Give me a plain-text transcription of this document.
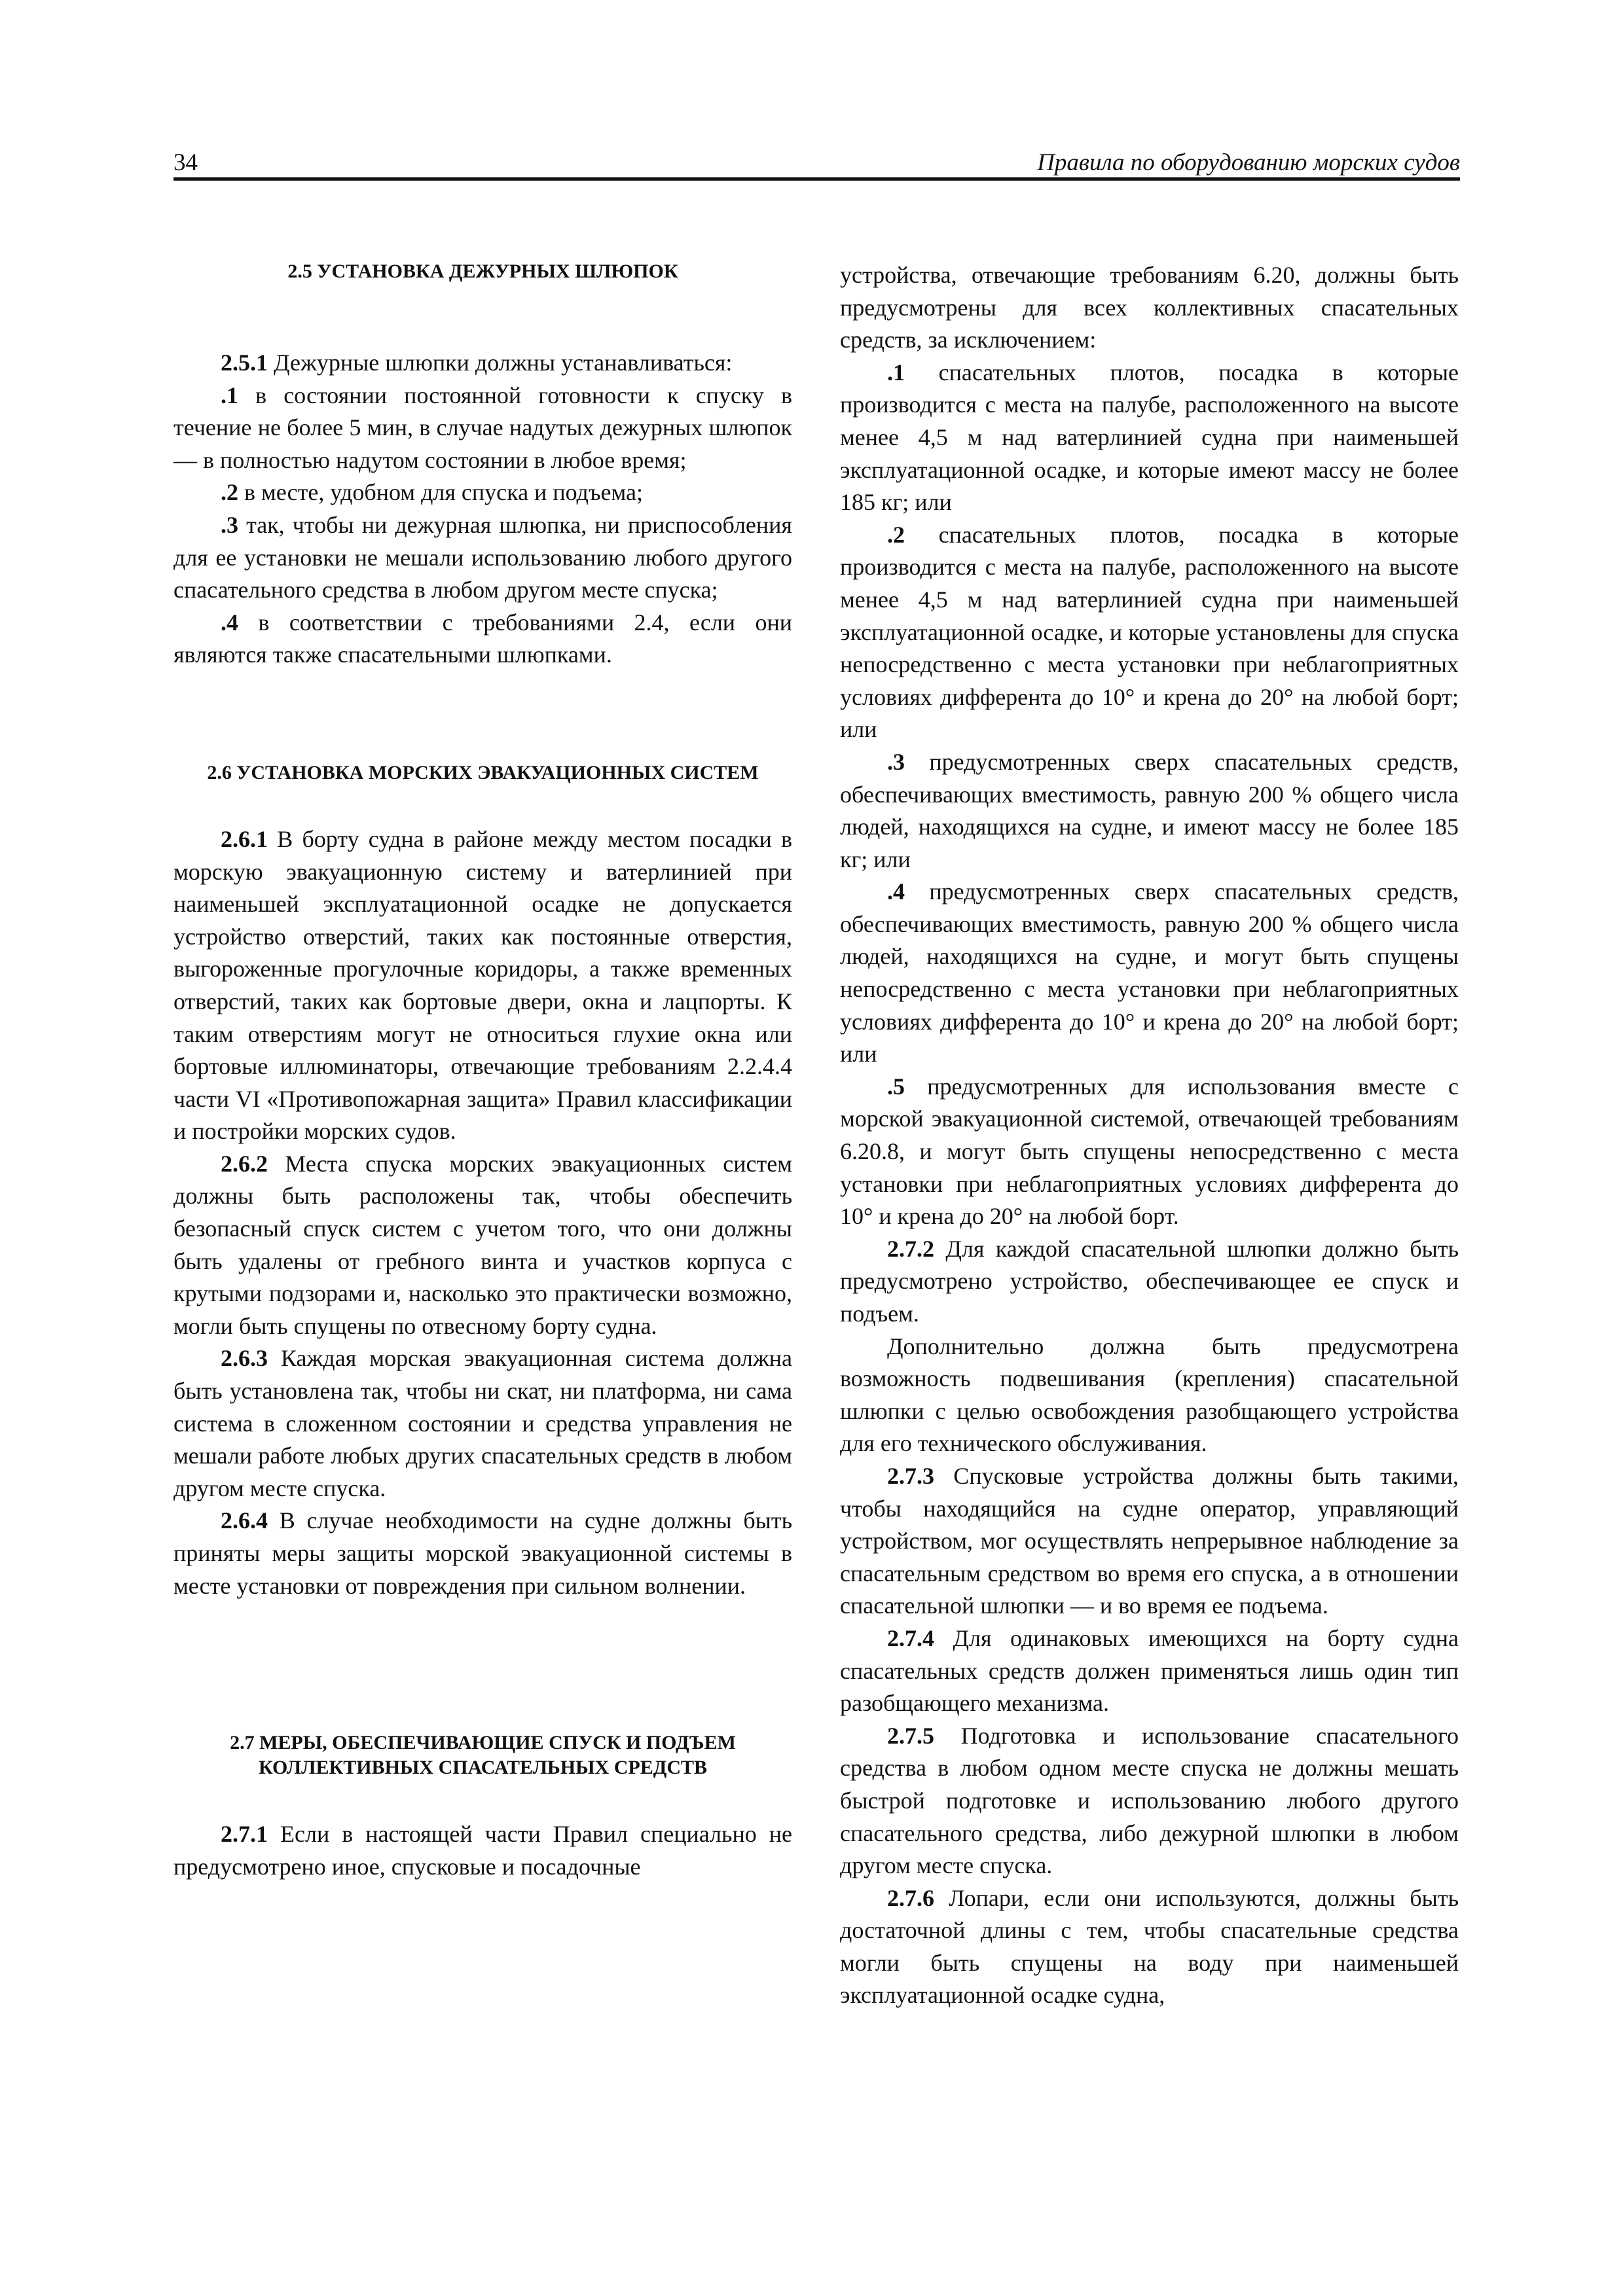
34	Правила по оборудованию морских судов
2.5 УСТАНОВКА ДЕЖУРНЫХ ШЛЮПОК

2.5.1 Дежурные шлюпки должны устанавливаться:

.1 в состоянии постоянной готовности к спуску в течение не более 5 мин, в случае надутых дежурных шлюпок — в полностью надутом состоянии в любое время;

.2 в месте, удобном для спуска и подъема;

.3 так, чтобы ни дежурная шлюпка, ни приспособления для ее установки не мешали использованию любого другого спасательного средства в любом другом месте спуска;

.4 в соответствии с требованиями 2.4, если они являются также спасательными шлюпками.

2.6 УСТАНОВКА МОРСКИХ ЭВАКУАЦИОННЫХ СИСТЕМ

2.6.1 В борту судна в районе между местом посадки в морскую эвакуационную систему и ватерлинией при наименьшей эксплуатационной осадке не допускается устройство отверстий, таких как постоянные отверстия, выгороженные прогулочные коридоры, а также временных отверстий, таких как бортовые двери, окна и лацпорты. К таким отверстиям могут не относиться глухие окна или бортовые иллюминаторы, отвечающие требованиям 2.2.4.4 части VI «Противопожарная защита» Правил классификации и постройки морских судов.

2.6.2 Места спуска морских эвакуационных систем должны быть расположены так, чтобы обеспечить безопасный спуск систем с учетом того, что они должны быть удалены от гребного винта и участков корпуса с крутыми подзорами и, насколько это практически возможно, могли быть спущены по отвесному борту судна.

2.6.3 Каждая морская эвакуационная система должна быть установлена так, чтобы ни скат, ни платформа, ни сама система в сложенном состоянии и средства управления не мешали работе любых других спасательных средств в любом другом месте спуска.

2.6.4 В случае необходимости на судне должны быть приняты меры защиты морской эвакуационной системы в месте установки от повреждения при сильном волнении.

2.7 МЕРЫ, ОБЕСПЕЧИВАЮЩИЕ СПУСК И ПОДЪЕМ КОЛЛЕКТИВНЫХ СПАСАТЕЛЬНЫХ СРЕДСТВ

2.7.1 Если в настоящей части Правил специально не предусмотрено иное, спусковые и посадочные

устройства, отвечающие требованиям 6.20, должны быть предусмотрены для всех коллективных спасательных средств, за исключением:

.1 спасательных плотов, посадка в которые производится с места на палубе, расположенного на высоте менее 4,5 м над ватерлинией судна при наименьшей эксплуатационной осадке, и которые имеют массу не более 185 кг; или

.2 спасательных плотов, посадка в которые производится с места на палубе, расположенного на высоте менее 4,5 м над ватерлинией судна при наименьшей эксплуатационной осадке, и которые установлены для спуска непосредственно с места установки при неблагоприятных условиях дифферента до 10° и крена до 20° на любой борт; или

.3 предусмотренных сверх спасательных средств, обеспечивающих вместимость, равную 200 % общего числа людей, находящихся на судне, и имеют массу не более 185 кг; или

.4 предусмотренных сверх спасательных средств, обеспечивающих вместимость, равную 200 % общего числа людей, находящихся на судне, и могут быть спущены непосредственно с места установки при неблагоприятных условиях дифферента до 10° и крена до 20° на любой борт; или

.5 предусмотренных для использования вместе с морской эвакуационной системой, отвечающей требованиям 6.20.8, и могут быть спущены непосредственно с места установки при неблагоприятных условиях дифферента до 10° и крена до 20° на любой борт.

2.7.2 Для каждой спасательной шлюпки должно быть предусмотрено устройство, обеспечивающее ее спуск и подъем.

Дополнительно должна быть предусмотрена возможность подвешивания (крепления) спасательной шлюпки с целью освобождения разобщающего устройства для его технического обслуживания.

2.7.3 Спусковые устройства должны быть такими, чтобы находящийся на судне оператор, управляющий устройством, мог осуществлять непрерывное наблюдение за спасательным средством во время его спуска, а в отношении спасательной шлюпки — и во время ее подъема.

2.7.4 Для одинаковых имеющихся на борту судна спасательных средств должен применяться лишь один тип разобщающего механизма.

2.7.5 Подготовка и использование спасательного средства в любом одном месте спуска не должны мешать быстрой подготовке и использованию любого другого спасательного средства, либо дежурной шлюпки в любом другом месте спуска.

2.7.6 Лопари, если они используются, должны быть достаточной длины с тем, чтобы спасательные средства могли быть спущены на воду при наименьшей эксплуатационной осадке судна,
